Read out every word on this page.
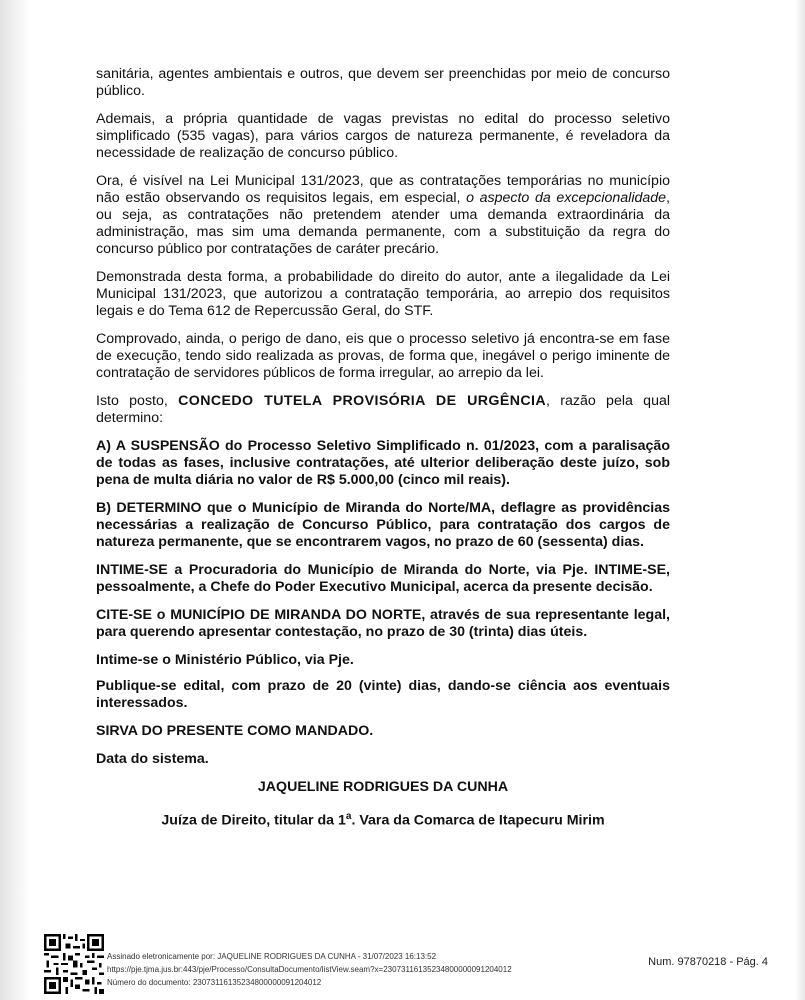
sanitária, agentes ambientais e outros, que devem ser preenchidas por meio de concurso público.

Ademais, a própria quantidade de vagas previstas no edital do processo seletivo simplificado (535 vagas), para vários cargos de natureza permanente, é reveladora da necessidade de realização de concurso público.

Ora, é visível na Lei Municipal 131/2023, que as contratações temporárias no município não estão observando os requisitos legais, em especial, o aspecto da excepcionalidade, ou seja, as contratações não pretendem atender uma demanda extraordinária da administração, mas sim uma demanda permanente, com a substituição da regra do concurso público por contratações de caráter precário.

Demonstrada desta forma, a probabilidade do direito do autor, ante a ilegalidade da Lei Municipal 131/2023, que autorizou a contratação temporária, ao arrepio dos requisitos legais e do Tema 612 de Repercussão Geral, do STF.

Comprovado, ainda, o perigo de dano, eis que o processo seletivo já encontra-se em fase de execução, tendo sido realizada as provas, de forma que, inegável o perigo iminente de contratação de servidores públicos de forma irregular, ao arrepio da lei.

Isto posto, CONCEDO TUTELA PROVISÓRIA DE URGÊNCIA, razão pela qual determino:

A) A SUSPENSÃO do Processo Seletivo Simplificado n. 01/2023, com a paralisação de todas as fases, inclusive contratações, até ulterior deliberação deste juízo, sob pena de multa diária no valor de R$ 5.000,00 (cinco mil reais).

B) DETERMINO que o Município de Miranda do Norte/MA, deflagre as providências necessárias a realização de Concurso Público, para contratação dos cargos de natureza permanente, que se encontrarem vagos, no prazo de 60 (sessenta) dias.

INTIME-SE a Procuradoria do Município de Miranda do Norte, via Pje. INTIME-SE, pessoalmente, a Chefe do Poder Executivo Municipal, acerca da presente decisão.

CITE-SE o MUNICÍPIO DE MIRANDA DO NORTE, através de sua representante legal, para querendo apresentar contestação, no prazo de 30 (trinta) dias úteis.

Intime-se o Ministério Público, via Pje.

Publique-se edital, com prazo de 20 (vinte) dias, dando-se ciência aos eventuais interessados.

SIRVA DO PRESENTE COMO MANDADO.

Data do sistema.

JAQUELINE RODRIGUES DA CUNHA
Juíza de Direito, titular da 1$^a$. Vara da Comarca de Itapecuru Mirim
Assinado eletronicamente por: JAQUELINE RODRIGUES DA CUNHA - 31/07/2023 16:13:52
https://pje.tjma.jus.br:443/pje/Processo/ConsultaDocumento/listView.seam?x=23073116135234800000091204012
Número do documento: 23073116135234800000091204012
Num. 97870218 - Pág. 4
